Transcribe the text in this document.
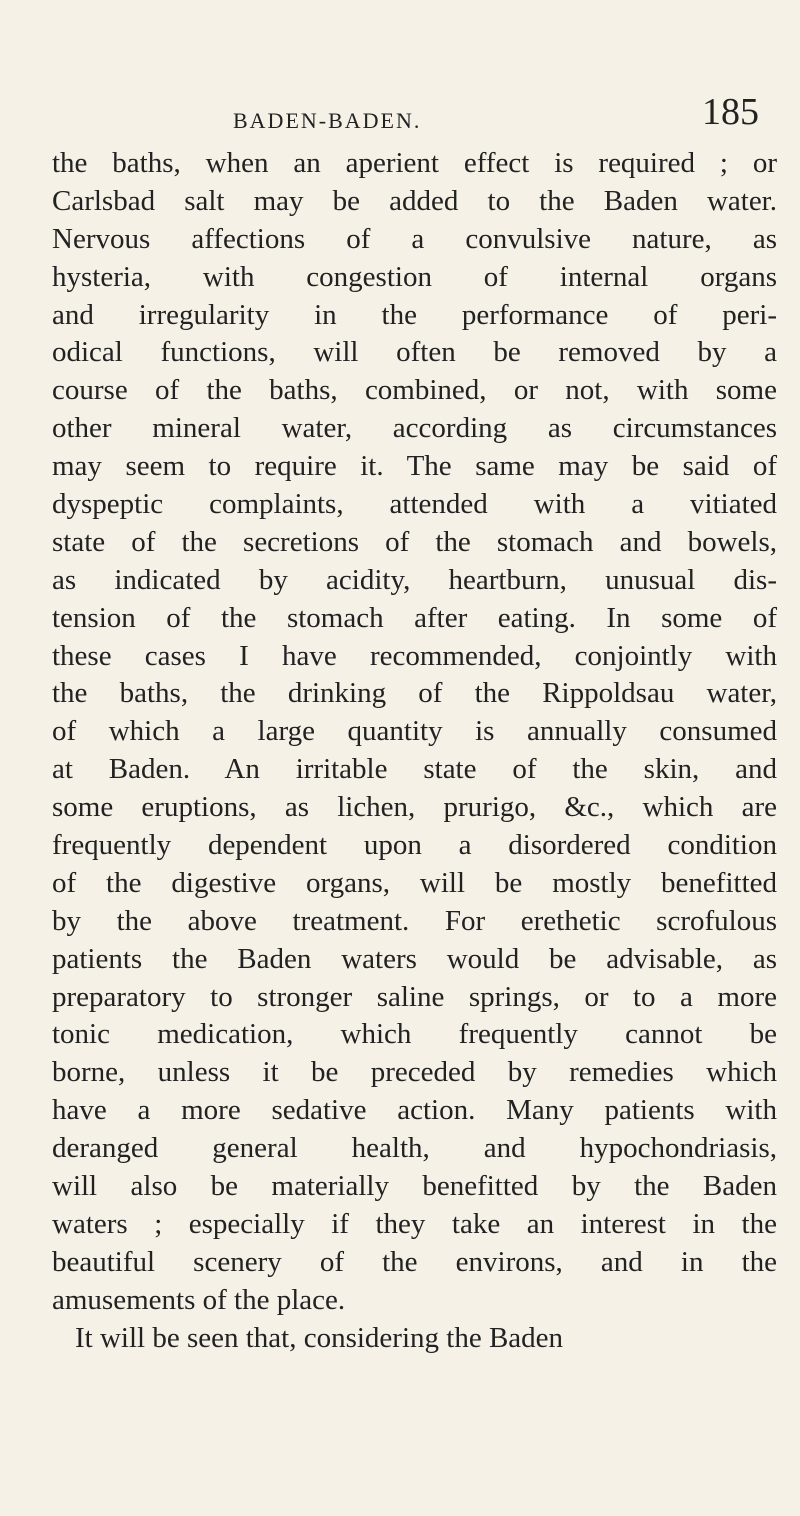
BADEN-BADEN.	185
the baths, when an aperient effect is required ; or
Carlsbad salt may be added to the Baden water.
Nervous affections of a convulsive nature, as
hysteria, with congestion of internal organs
and irregularity in the performance of peri-
odical functions, will often be removed by a
course of the baths, combined, or not, with some
other mineral water, according as circumstances
may seem to require it. The same may be said of
dyspeptic complaints, attended with a vitiated
state of the secretions of the stomach and bowels,
as indicated by acidity, heartburn, unusual dis-
tension of the stomach after eating. In some of
these cases I have recommended, conjointly with
the baths, the drinking of the Rippoldsau water,
of which a large quantity is annually consumed
at Baden. An irritable state of the skin, and
some eruptions, as lichen, prurigo, &c., which are
frequently dependent upon a disordered condition
of the digestive organs, will be mostly benefitted
by the above treatment. For erethetic scrofulous
patients the Baden waters would be advisable, as
preparatory to stronger saline springs, or to a more
tonic medication, which frequently cannot be
borne, unless it be preceded by remedies which
have a more sedative action. Many patients with
deranged general health, and hypochondriasis,
will also be materially benefitted by the Baden
waters ; especially if they take an interest in the
beautiful scenery of the environs, and in the
amusements of the place.
It will be seen that, considering the Baden
